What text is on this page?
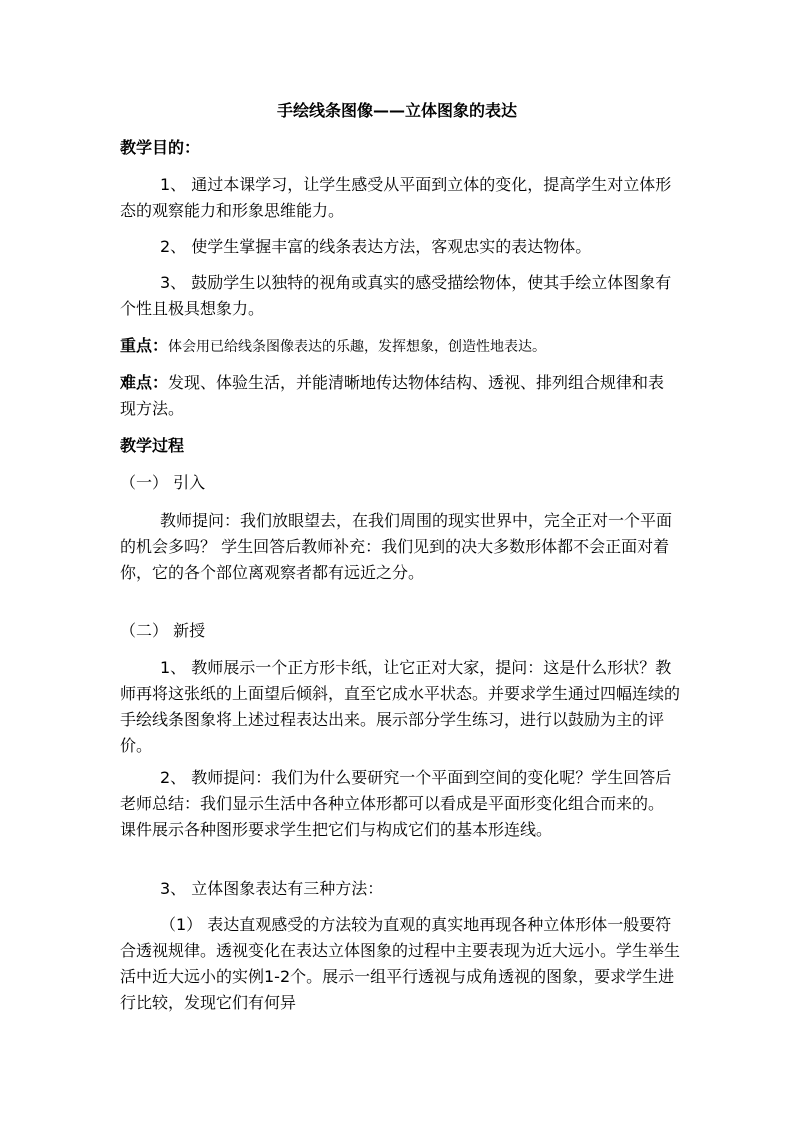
手绘线条图像——立体图象的表达
教学目的：
1、 通过本课学习，让学生感受从平面到立体的变化，提高学生对立体形态的观察能力和形象思维能力。
2、 使学生掌握丰富的线条表达方法，客观忠实的表达物体。
3、 鼓励学生以独特的视角或真实的感受描绘物体，使其手绘立体图象有个性且极具想象力。
重点：体会用已给线条图像表达的乐趣，发挥想象，创造性地表达。
难点：发现、体验生活，并能清晰地传达物体结构、透视、排列组合规律和表现方法。
教学过程
（一） 引入
教师提问：我们放眼望去，在我们周围的现实世界中，完全正对一个平面的机会多吗？ 学生回答后教师补充：我们见到的决大多数形体都不会正面对着你，它的各个部位离观察者都有远近之分。
（二） 新授
1、 教师展示一个正方形卡纸，让它正对大家，提问：这是什么形状？教师再将这张纸的上面望后倾斜，直至它成水平状态。并要求学生通过四幅连续的手绘线条图象将上述过程表达出来。展示部分学生练习，进行以鼓励为主的评价。
2、 教师提问：我们为什么要研究一个平面到空间的变化呢？学生回答后老师总结：我们显示生活中各种立体形都可以看成是平面形变化组合而来的。 课件展示各种图形要求学生把它们与构成它们的基本形连线。
3、 立体图象表达有三种方法：
（1） 表达直观感受的方法较为直观的真实地再现各种立体形体一般要符合透视规律。透视变化在表达立体图象的过程中主要表现为近大远小。学生举生活中近大远小的实例1-2个。展示一组平行透视与成角透视的图象，要求学生进行比较，发现它们有何异
